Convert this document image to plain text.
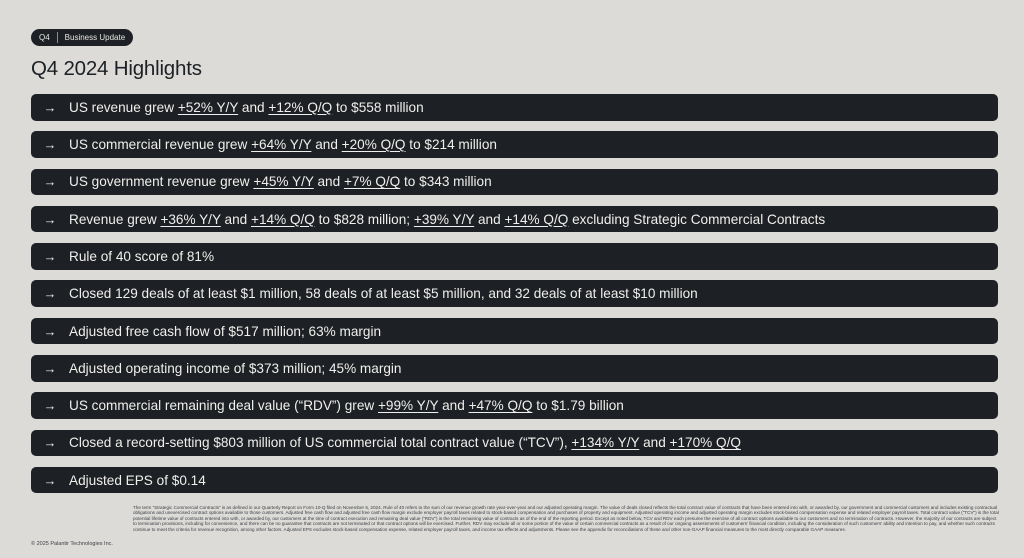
Q4 Business Update
Q4 2024 Highlights
→ US revenue grew +52% Y/Y and +12% Q/Q to $558 million
→ US commercial revenue grew +64% Y/Y and +20% Q/Q to $214 million
→ US government revenue grew +45% Y/Y and +7% Q/Q to $343 million
→ Revenue grew +36% Y/Y and +14% Q/Q to $828 million; +39% Y/Y and +14% Q/Q excluding Strategic Commercial Contracts
→ Rule of 40 score of 81%
→ Closed 129 deals of at least $1 million, 58 deals of at least $5 million, and 32 deals of at least $10 million
→ Adjusted free cash flow of $517 million; 63% margin
→ Adjusted operating income of $373 million; 45% margin
→ US commercial remaining deal value (“RDV”) grew +99% Y/Y and +47% Q/Q to $1.79 billion
→ Closed a record-setting $803 million of US commercial total contract value (“TCV”), +134% Y/Y and +170% Q/Q
→ Adjusted EPS of $0.14
The term “Strategic Commercial Contracts” is as defined in our Quarterly Report on Form 10-Q filed on November 5, 2024. Rule of 40 refers to the sum of our revenue growth rate year-over-year and our adjusted operating margin. The value of deals closed reflects the total contract value of contracts that have been entered into with, or awarded by, our government and commercial customers and includes existing contractual obligations and unexercised contract options available to those customers. Adjusted free cash flow and adjusted free cash flow margin exclude employer payroll taxes related to stock-based compensation and purchases of property and equipment. Adjusted operating income and adjusted operating margin excludes stock-based compensation expense and related employer payroll taxes. Total contract value (“TCV”) is the total potential lifetime value of contracts entered into with, or awarded by, our customers at the time of contract execution and remaining deal value (“RDV”) is the total remaining value of contracts as of the end of the reporting period. Except as noted below, TCV and RDV each presume the exercise of all contract options available to our customers and no termination of contracts. However, the majority of our contracts are subject to termination provisions, including for convenience, and there can be no guarantee that contracts are not terminated or that contract options will be exercised. Further, RDV may exclude all or some portion of the value of certain commercial contracts as a result of our ongoing assessments of customers’ financial condition, including the consideration of such customers’ ability and intention to pay, and whether such contracts continue to meet the criteria for revenue recognition, among other factors. Adjusted EPS excludes stock-based compensation expense, related employer payroll taxes, and income tax effects and adjustments. Please see the appendix for reconciliations of these and other non-GAAP financial measures to the most directly comparable GAAP measures.
© 2025 Palantir Technologies Inc.
